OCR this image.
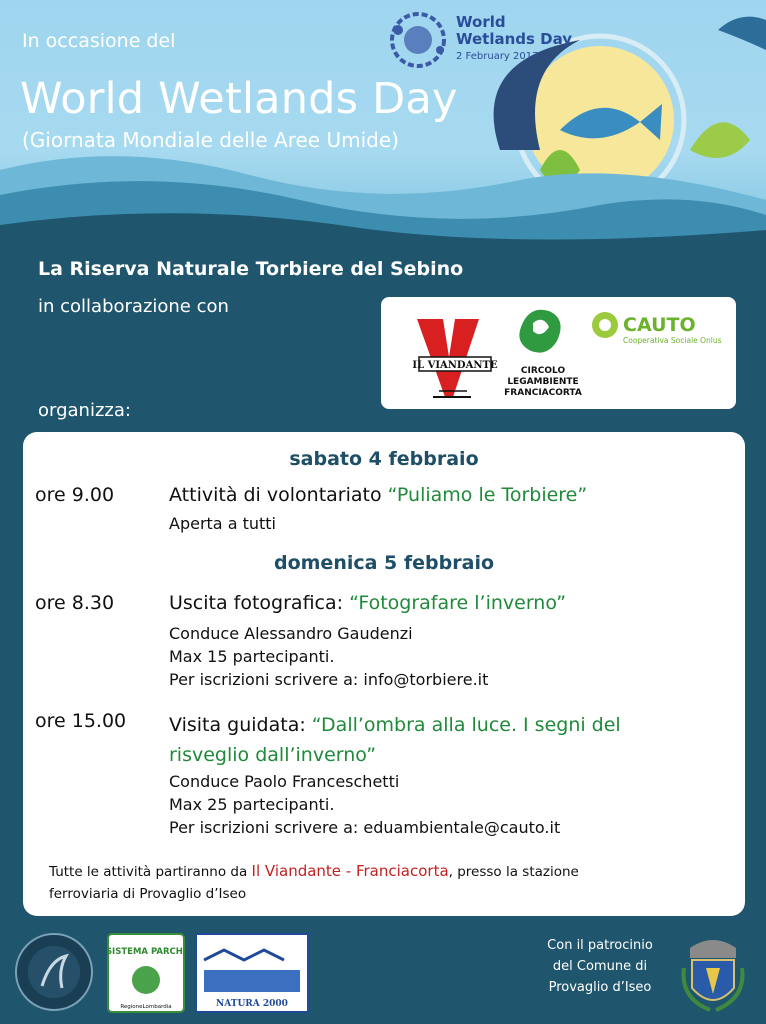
World
Wetlands Day
2 February 2017
In occasione del
World Wetlands Day
(Giornata Mondiale delle Aree Umide)
La Riserva Naturale Torbiere del Sebino
in collaborazione con
organizza:
IL VIANDANTE	CIRCOLO
LEGAMBIENTE
FRANCIACORTA
CAUTO
Cooperativa Sociale Onlus
sabato 4 febbraio
ore 9.00	Attività di volontariato “Puliamo le Torbiere”
Aperta a tutti
domenica 5 febbraio
ore 8.30	Uscita fotografica: “Fotografare l’inverno”
Conduce Alessandro Gaudenzi
Max 15 partecipanti.
Per iscrizioni scrivere a: info@torbiere.it
ore 15.00 Visita guidata: “Dall’ombra alla luce. I segni del
risveglio dall’inverno”
Conduce Paolo Franceschetti
Max 25 partecipanti.
Per iscrizioni scrivere a: eduambientale@cauto.it
Tutte le attività partiranno da Il Viandante - Franciacorta, presso la stazione
ferroviaria di Provaglio d’Iseo
SISTEMA PARCHI
RegioneLombardia	NATURA 2000
Con il patrocinio
del Comune di
Provaglio d’Iseo
